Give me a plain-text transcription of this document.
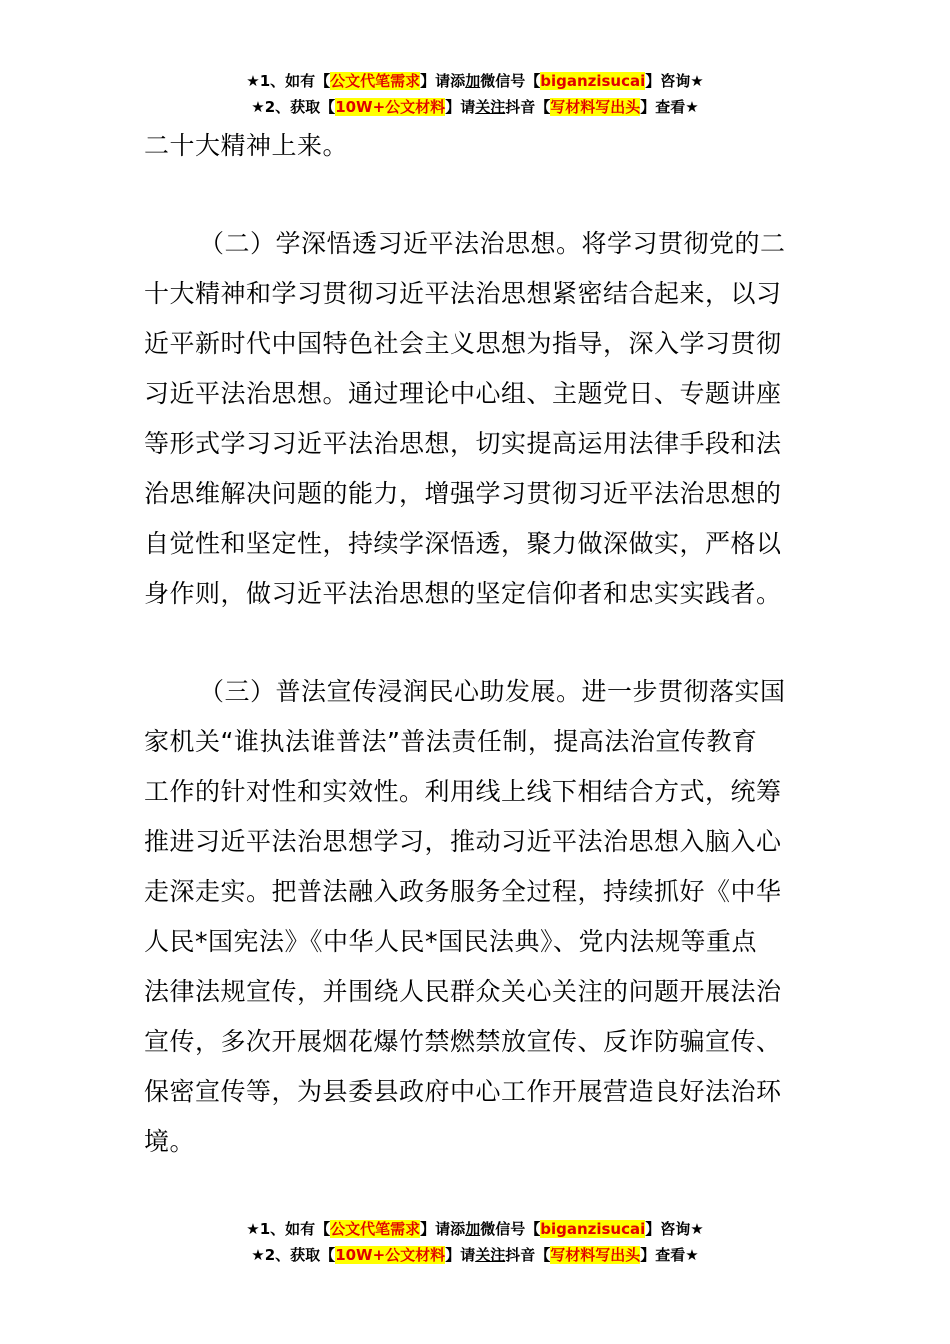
★1、如有【公文代笔需求】请添加微信号【biganzisucai】咨询★
★2、获取【10W+公文材料】请关注抖音【写材料写出头】查看★
二十大精神上来。
（二）学深悟透习近平法治思想。将学习贯彻党的二
十大精神和学习贯彻习近平法治思想紧密结合起来，以习
近平新时代中国特色社会主义思想为指导，深入学习贯彻
习近平法治思想。通过理论中心组、主题党日、专题讲座
等形式学习习近平法治思想，切实提高运用法律手段和法
治思维解决问题的能力，增强学习贯彻习近平法治思想的
自觉性和坚定性，持续学深悟透，聚力做深做实，严格以
身作则，做习近平法治思想的坚定信仰者和忠实实践者。
（三）普法宣传浸润民心助发展。进一步贯彻落实国
家机关“谁执法谁普法”普法责任制，提高法治宣传教育
工作的针对性和实效性。利用线上线下相结合方式，统筹
推进习近平法治思想学习，推动习近平法治思想入脑入心
走深走实。把普法融入政务服务全过程，持续抓好《中华
人民*国宪法》《中华人民*国民法典》、党内法规等重点
法律法规宣传，并围绕人民群众关心关注的问题开展法治
宣传，多次开展烟花爆竹禁燃禁放宣传、反诈防骗宣传、
保密宣传等，为县委县政府中心工作开展营造良好法治环
境。
★1、如有【公文代笔需求】请添加微信号【biganzisucai】咨询★
★2、获取【10W+公文材料】请关注抖音【写材料写出头】查看★
